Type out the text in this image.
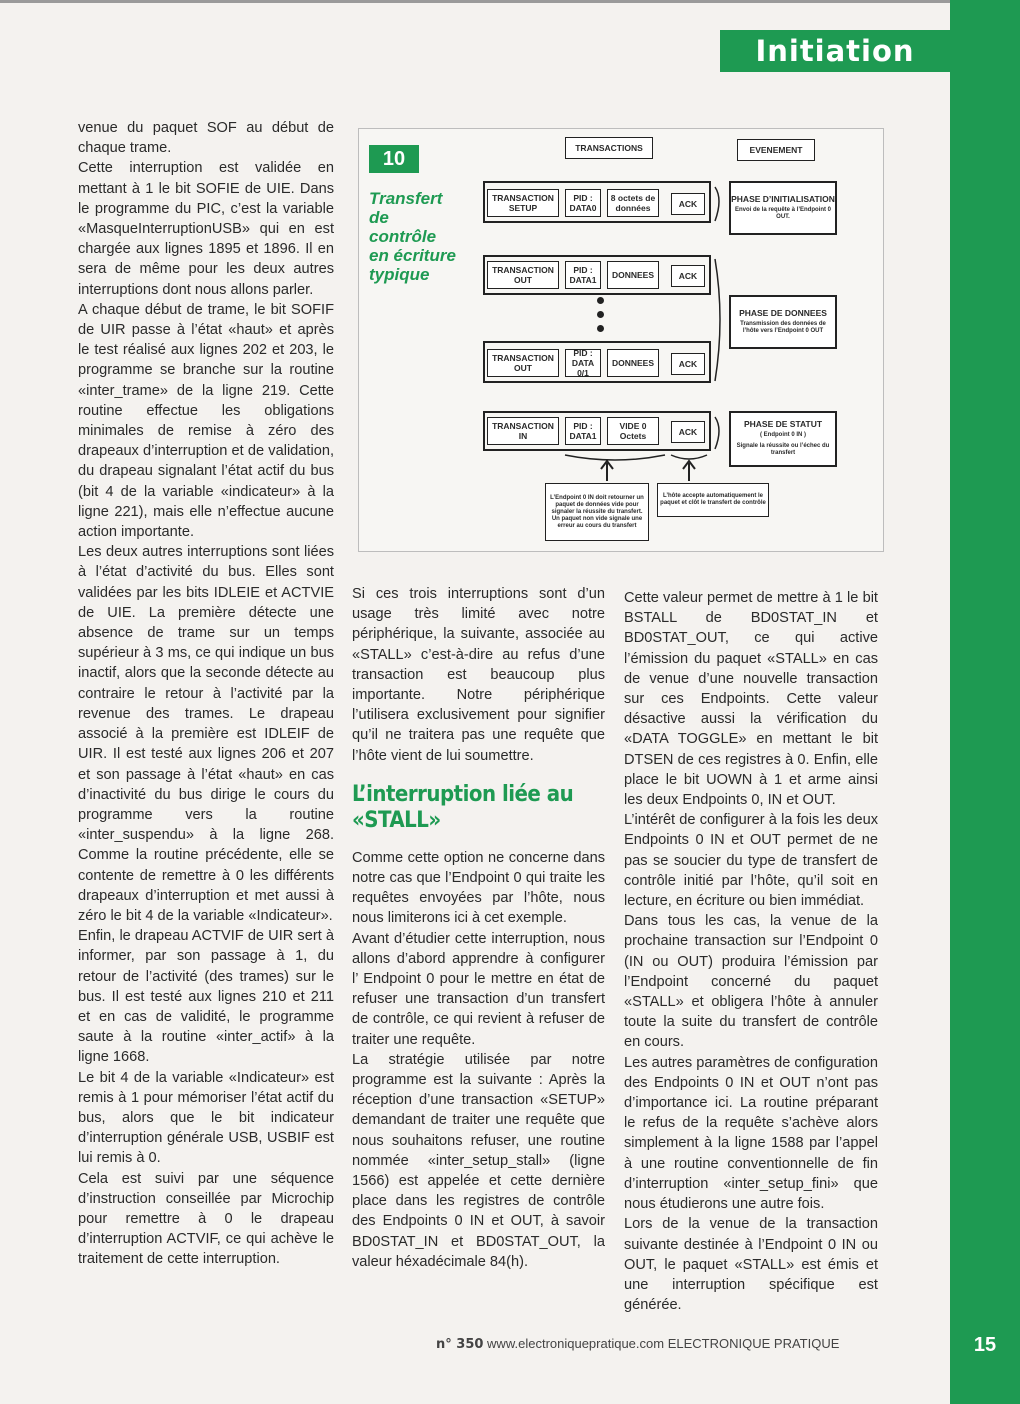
Initiation

venue du paquet SOF au début de chaque trame.

Cette interruption est validée en mettant à 1 le bit SOFIE de UIE. Dans le programme du PIC, c’est la variable «MasqueInterruptionUSB» qui en est chargée aux lignes 1895 et 1896. Il en sera de même pour les deux autres interruptions dont nous allons parler.

A chaque début de trame, le bit SOFIF de UIR passe à l’état «haut» et après le test réalisé aux lignes 202 et 203, le programme se branche sur la routine «inter_trame» de la ligne 219. Cette routine effectue les obligations minimales de remise à zéro des drapeaux d’interruption et de validation, du drapeau signalant l’état actif du bus (bit 4 de la variable «indicateur» à la ligne 221), mais elle n’effectue aucune action importante.

Les deux autres interruptions sont liées à l’état d’activité du bus. Elles sont validées par les bits IDLEIE et ACTVIE de UIE. La première détecte une absence de trame sur un temps supérieur à 3 ms, ce qui indique un bus inactif, alors que la seconde détecte au contraire le retour à l’activité par la revenue des trames. Le drapeau associé à la première est IDLEIF de UIR. Il est testé aux lignes 206 et 207 et son passage à l’état «haut» en cas d’inactivité du bus dirige le cours du programme vers la routine «inter_suspendu» à la ligne 268. Comme la routine précédente, elle se contente de remettre à 0 les différents drapeaux d’interruption et met aussi à zéro le bit 4 de la variable «Indicateur».

Enfin, le drapeau ACTVIF de UIR sert à informer, par son passage à 1, du retour de l’activité (des trames) sur le bus. Il est testé aux lignes 210 et 211 et en cas de validité, le programme saute à la routine «inter_actif» à la ligne 1668.

Le bit 4 de la variable «Indicateur» est remis à 1 pour mémoriser l’état actif du bus, alors que le bit indicateur d’interruption générale USB, USBIF est lui remis à 0.

Cela est suivi par une séquence d’instruction conseillée par Microchip pour remettre à 0 le drapeau d’interruption ACTVIF, ce qui achève le traitement de cette interruption.

10
Transfert de contrôle en écriture typique
TRANSACTIONS	EVENEMENT
TRANSACTION SETUP
PID : DATA0
8 octets de données	ACK
PHASE D’INITIALISATION
Envoi de la requête à l’Endpoint 0 OUT.
TRANSACTION OUT
PID : DATA1	DONNEES	ACK
PHASE DE DONNEES
Transmission des données de l’hôte vers l’Endpoint 0 OUT
TRANSACTION OUT
PID : DATA 0/1
DONNEES	ACK
TRANSACTION IN
PID : DATA1
VIDE 0 Octets	ACK
PHASE DE STATUT
( Endpoint 0 IN )
Signale la réussite ou l’échec du transfert
L’Endpoint 0 IN doit retourner un paquet de données vide pour signaler la réussite du transfert. Un paquet non vide signale une erreur au cours du transfert
L’hôte accepte automatiquement le paquet et clôt le transfert de contrôle

Si ces trois interruptions sont d’un usage très limité avec notre périphérique, la suivante, associée au «STALL» c’est-à-dire au refus d’une transaction est beaucoup plus importante. Notre périphérique l’utilisera exclusivement pour signifier qu’il ne traitera pas une requête que l’hôte vient de lui soumettre.

L’interruption liée au «STALL»

Comme cette option ne concerne dans notre cas que l’Endpoint 0 qui traite les requêtes envoyées par l’hôte, nous nous limiterons ici à cet exemple.

Avant d’étudier cette interruption, nous allons d’abord apprendre à configurer l’ Endpoint 0 pour le mettre en état de refuser une transaction d’un transfert de contrôle, ce qui revient à refuser de traiter une requête.

La stratégie utilisée par notre programme est la suivante : Après la réception d’une transaction «SETUP» demandant de traiter une requête que nous souhaitons refuser, une routine nommée «inter_setup_stall» (ligne 1566) est appelée et cette dernière place dans les registres de contrôle des Endpoints 0 IN et OUT, à savoir BD0STAT_IN et BD0STAT_OUT, la valeur héxadécimale 84(h).

Cette valeur permet de mettre à 1 le bit BSTALL de BD0STAT_IN et BD0STAT_OUT, ce qui active l’émission du paquet «STALL» en cas de venue d’une nouvelle transaction sur ces Endpoints. Cette valeur désactive aussi la vérification du «DATA TOGGLE» en mettant le bit DTSEN de ces registres à 0. Enfin, elle place le bit UOWN à 1 et arme ainsi les deux Endpoints 0, IN et OUT.

L’intérêt de configurer à la fois les deux Endpoints 0 IN et OUT permet de ne pas se soucier du type de transfert de contrôle initié par l’hôte, qu’il soit en lecture, en écriture ou bien immédiat.

Dans tous les cas, la venue de la prochaine transaction sur l’Endpoint 0 (IN ou OUT) produira l’émission par l’Endpoint concerné du paquet «STALL» et obligera l’hôte à annuler toute la suite du transfert de contrôle en cours.

Les autres paramètres de configuration des Endpoints 0 IN et OUT n’ont pas d’importance ici. La routine préparant le refus de la requête s’achève alors simplement à la ligne 1588 par l’appel à une routine conventionnelle de fin d’interruption «inter_setup_fini» que nous étudierons une autre fois.

Lors de la venue de la transaction suivante destinée à l’Endpoint 0 IN ou OUT, le paquet «STALL» est émis et une interruption spécifique est générée.

n° 350 www.electroniquepratique.com ELECTRONIQUE PRATIQUE	15
